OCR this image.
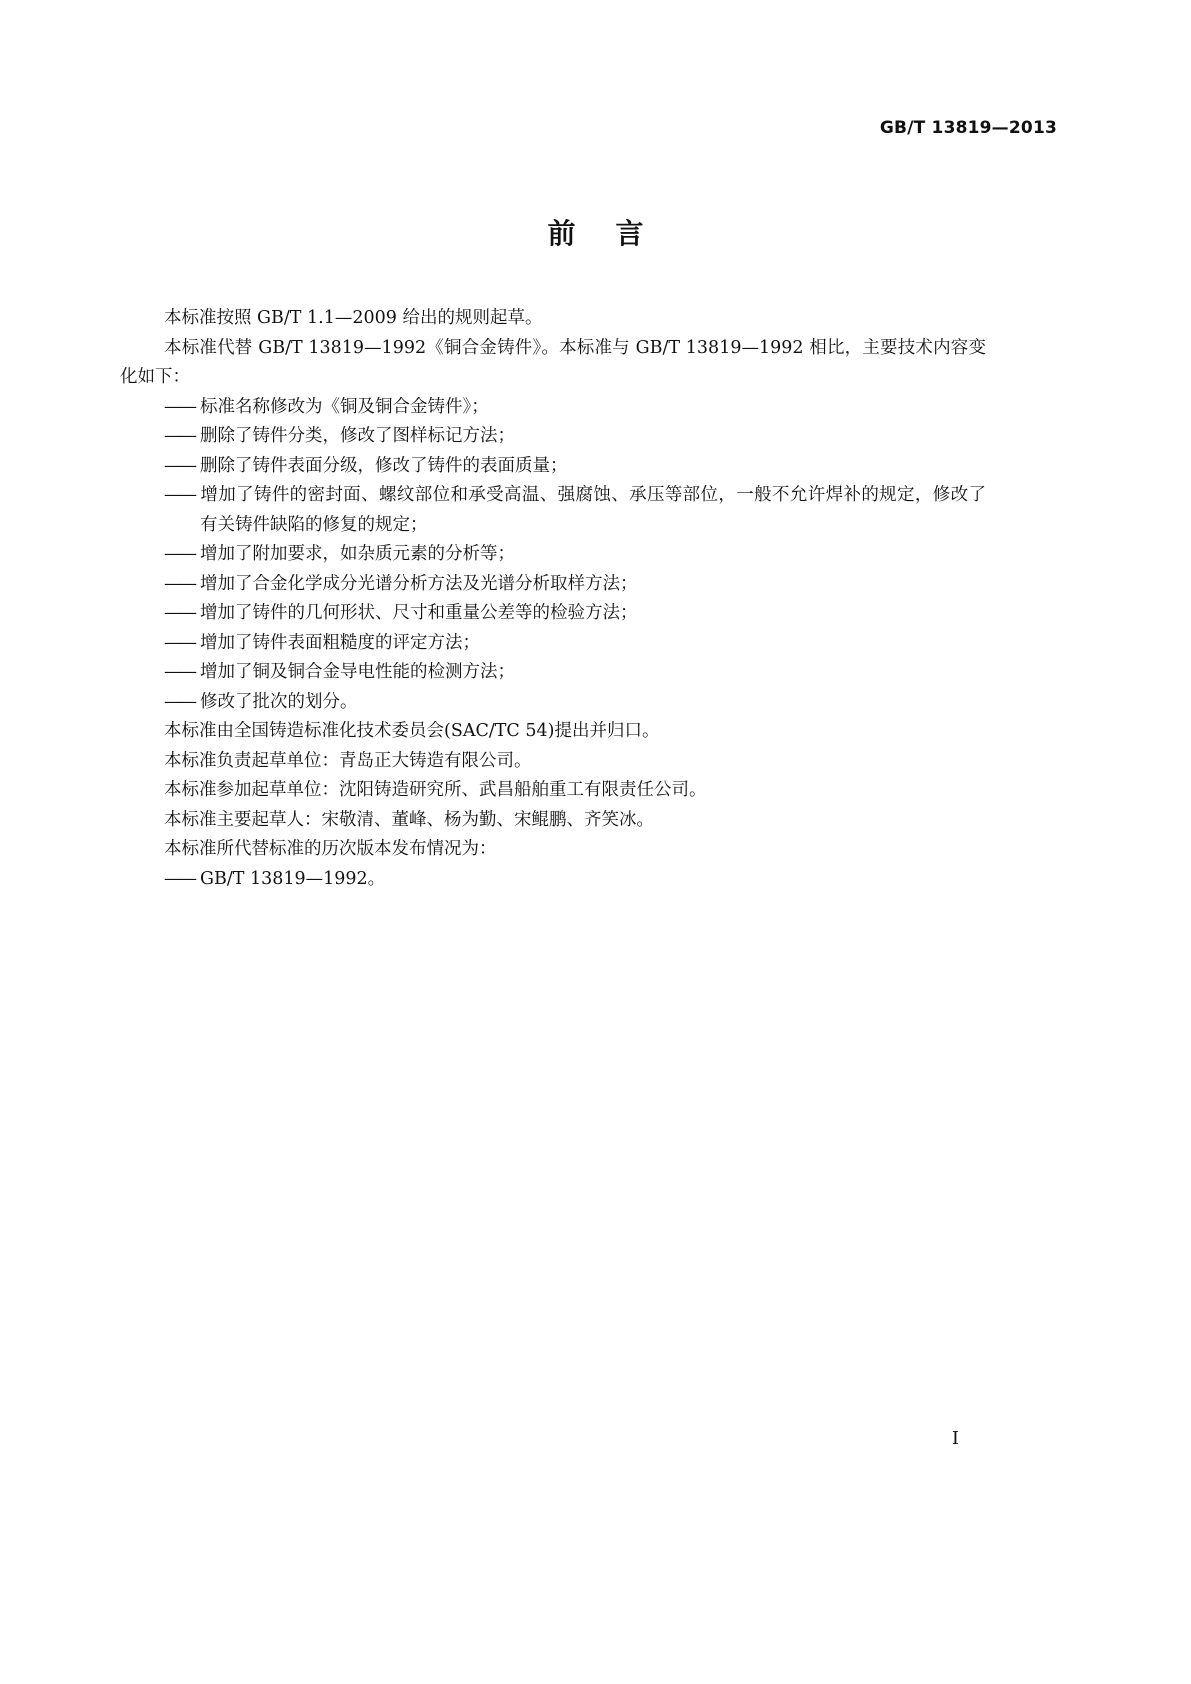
GB/T 13819—2013
前言

本标准按照 GB/T 1.1—2009 给出的规则起草。

本标准代替 GB/T 13819—1992《铜合金铸件》。本标准与 GB/T 13819—1992 相比，主要技术内容变化如下：

—— 标准名称修改为《铜及铜合金铸件》；

—— 删除了铸件分类，修改了图样标记方法；

—— 删除了铸件表面分级，修改了铸件的表面质量；

—— 增加了铸件的密封面、螺纹部位和承受高温、强腐蚀、承压等部位，一般不允许焊补的规定，修改了有关铸件缺陷的修复的规定；

—— 增加了附加要求，如杂质元素的分析等；

—— 增加了合金化学成分光谱分析方法及光谱分析取样方法；

—— 增加了铸件的几何形状、尺寸和重量公差等的检验方法；

—— 增加了铸件表面粗糙度的评定方法；

—— 增加了铜及铜合金导电性能的检测方法；

—— 修改了批次的划分。

本标准由全国铸造标准化技术委员会(SAC/TC 54)提出并归口。

本标准负责起草单位：青岛正大铸造有限公司。

本标准参加起草单位：沈阳铸造研究所、武昌船舶重工有限责任公司。

本标准主要起草人：宋敬清、董峰、杨为勤、宋鲲鹏、齐笑冰。

本标准所代替标准的历次版本发布情况为：

—— GB/T 13819—1992。

I
